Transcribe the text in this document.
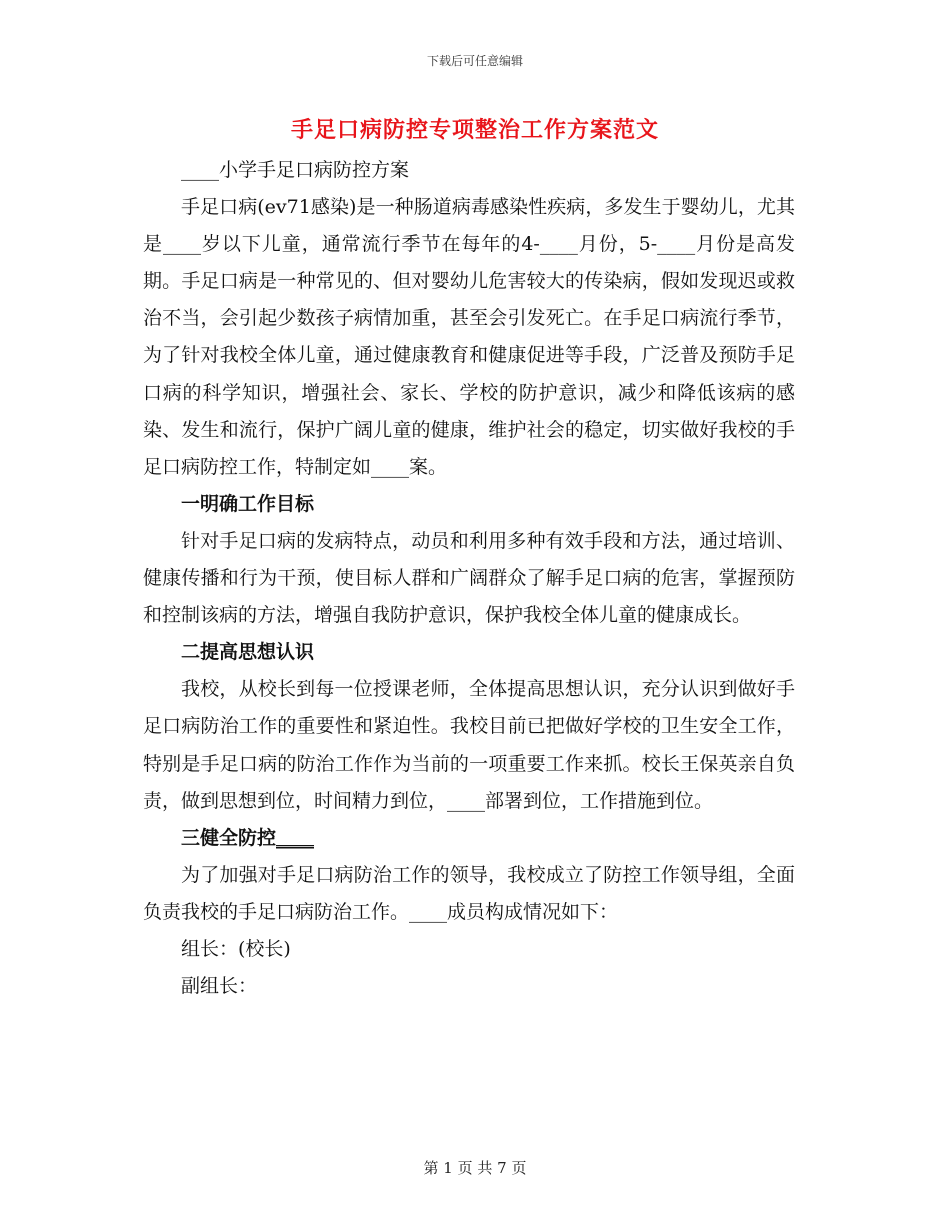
下载后可任意编辑
手足口病防控专项整治工作方案范文

____小学手足口病防控方案

手足口病(ev71感染)是一种肠道病毒感染性疾病，多发生于婴幼儿，尤其是____岁以下儿童，通常流行季节在每年的4-____月份，5-____月份是高发期。手足口病是一种常见的、但对婴幼儿危害较大的传染病，假如发现迟或救治不当，会引起少数孩子病情加重，甚至会引发死亡。在手足口病流行季节，为了针对我校全体儿童，通过健康教育和健康促进等手段，广泛普及预防手足口病的科学知识，增强社会、家长、学校的防护意识，减少和降低该病的感染、发生和流行，保护广阔儿童的健康，维护社会的稳定，切实做好我校的手足口病防控工作，特制定如____案。

一明确工作目标

针对手足口病的发病特点，动员和利用多种有效手段和方法，通过培训、健康传播和行为干预，使目标人群和广阔群众了解手足口病的危害，掌握预防和控制该病的方法，增强自我防护意识，保护我校全体儿童的健康成长。

二提高思想认识

我校，从校长到每一位授课老师，全体提高思想认识，充分认识到做好手足口病防治工作的重要性和紧迫性。我校目前已把做好学校的卫生安全工作，特别是手足口病的防治工作作为当前的一项重要工作来抓。校长王保英亲自负责，做到思想到位，时间精力到位，____部署到位，工作措施到位。

三健全防控____

为了加强对手足口病防治工作的领导，我校成立了防控工作领导组，全面负责我校的手足口病防治工作。____成员构成情况如下：

组长：(校长)

副组长：

第 1 页 共 7 页
